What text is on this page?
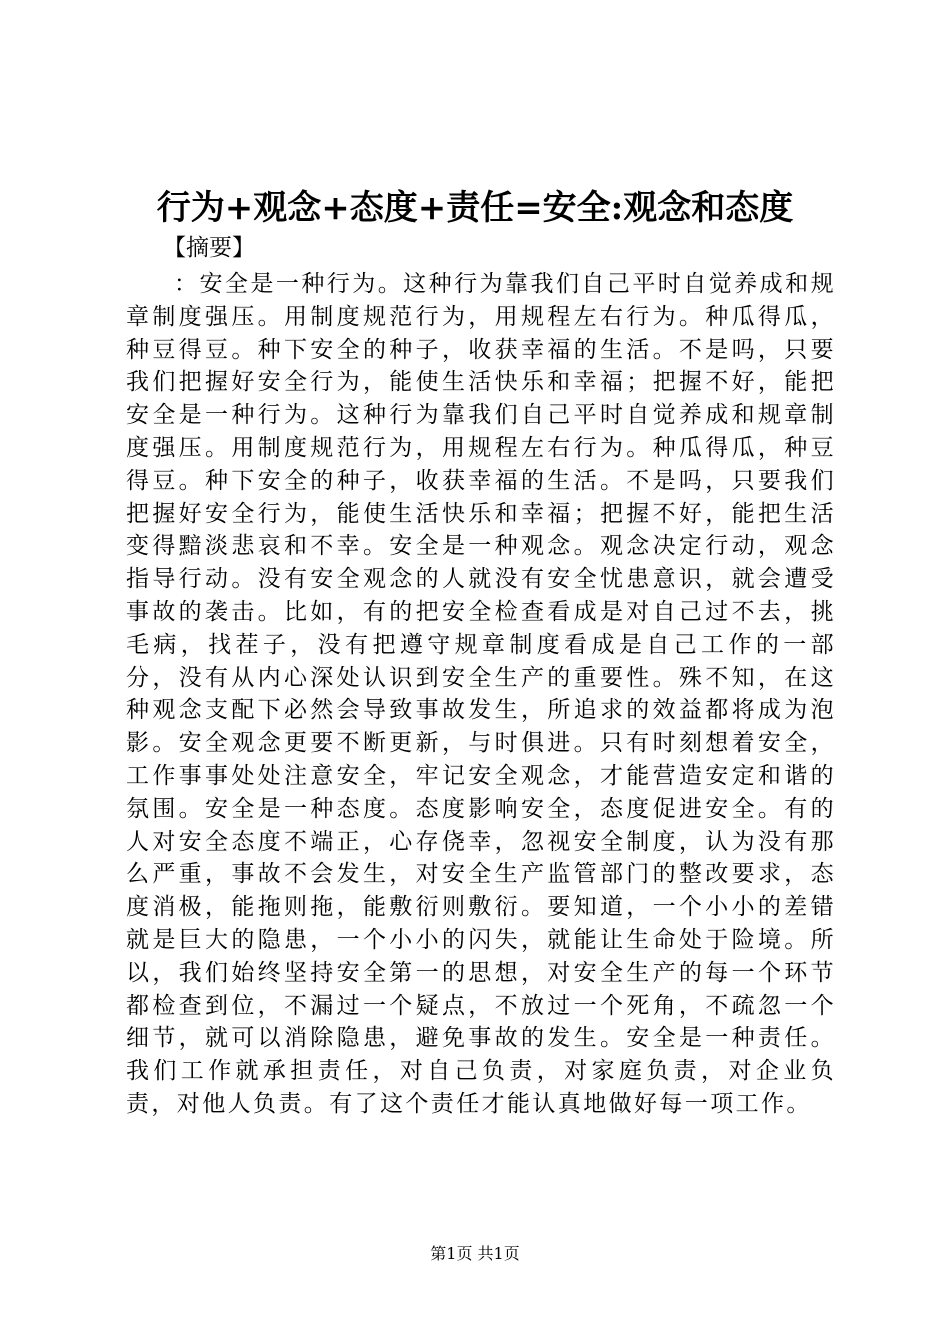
行为+观念+态度+责任=安全:观念和态度
【摘要】

：安全是一种行为。这种行为靠我们自己平时自觉养成和规章制度强压。用制度规范行为，用规程左右行为。种瓜得瓜，种豆得豆。种下安全的种子，收获幸福的生活。不是吗，只要我们把握好安全行为，能使生活快乐和幸福；把握不好，能把安全是一种行为。这种行为靠我们自己平时自觉养成和规章制度强压。用制度规范行为，用规程左右行为。种瓜得瓜，种豆得豆。种下安全的种子，收获幸福的生活。不是吗，只要我们把握好安全行为，能使生活快乐和幸福；把握不好，能把生活变得黯淡悲哀和不幸。安全是一种观念。观念决定行动，观念指导行动。没有安全观念的人就没有安全忧患意识，就会遭受事故的袭击。比如，有的把安全检查看成是对自己过不去，挑毛病，找茬子，没有把遵守规章制度看成是自己工作的一部分，没有从内心深处认识到安全生产的重要性。殊不知，在这种观念支配下必然会导致事故发生，所追求的效益都将成为泡影。安全观念更要不断更新，与时俱进。只有时刻想着安全，工作事事处处注意安全，牢记安全观念，才能营造安定和谐的氛围。安全是一种态度。态度影响安全，态度促进安全。有的人对安全态度不端正，心存侥幸，忽视安全制度，认为没有那么严重，事故不会发生，对安全生产监管部门的整改要求，态度消极，能拖则拖，能敷衍则敷衍。要知道，一个小小的差错就是巨大的隐患，一个小小的闪失，就能让生命处于险境。所以，我们始终坚持安全第一的思想，对安全生产的每一个环节都检查到位，不漏过一个疑点，不放过一个死角，不疏忽一个细节，就可以消除隐患，避免事故的发生。安全是一种责任。我们工作就承担责任，对自己负责，对家庭负责，对企业负责，对他人负责。有了这个责任才能认真地做好每一项工作。

第1页 共1页
